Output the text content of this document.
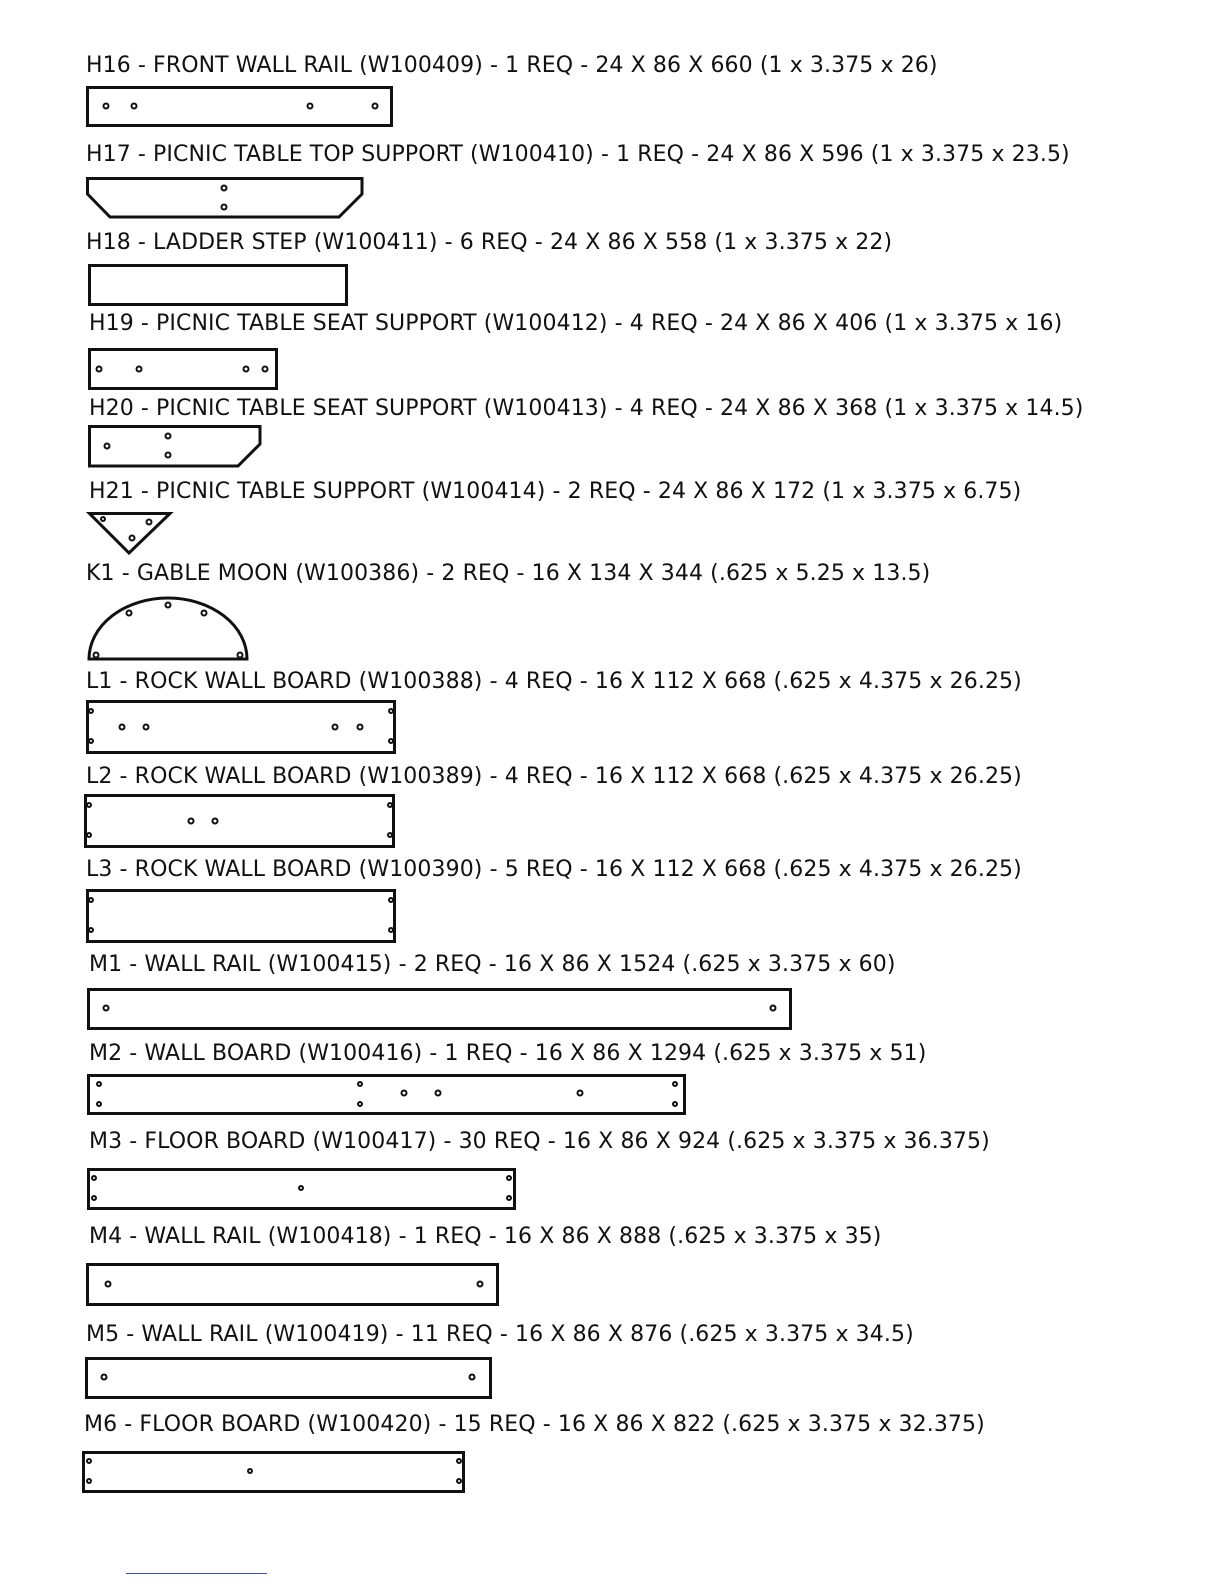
H16 - FRONT WALL RAIL (W100409) - 1 REQ - 24 X 86 X 660 (1 x 3.375 x 26)
H17 - PICNIC TABLE TOP SUPPORT (W100410) - 1 REQ - 24 X 86 X 596 (1 x 3.375 x 23.5)
H18 - LADDER STEP (W100411) - 6 REQ - 24 X 86 X 558 (1 x 3.375 x 22)
H19 - PICNIC TABLE SEAT SUPPORT (W100412) - 4 REQ - 24 X 86 X 406 (1 x 3.375 x 16)
H20 - PICNIC TABLE SEAT SUPPORT (W100413) - 4 REQ - 24 X 86 X 368 (1 x 3.375 x 14.5)
H21 - PICNIC TABLE SUPPORT (W100414) - 2 REQ - 24 X 86 X 172 (1 x 3.375 x 6.75)
K1 - GABLE MOON (W100386) - 2 REQ - 16 X 134 X 344 (.625 x 5.25 x 13.5)
L1 - ROCK WALL BOARD (W100388) - 4 REQ - 16 X 112 X 668 (.625 x 4.375 x 26.25)
L2 - ROCK WALL BOARD (W100389) - 4 REQ - 16 X 112 X 668 (.625 x 4.375 x 26.25)
L3 - ROCK WALL BOARD (W100390) - 5 REQ - 16 X 112 X 668 (.625 x 4.375 x 26.25)
M1 - WALL RAIL (W100415) - 2 REQ - 16 X 86 X 1524 (.625 x 3.375 x 60)
M2 - WALL BOARD (W100416) - 1 REQ - 16 X 86 X 1294 (.625 x 3.375 x 51)
M3 - FLOOR BOARD (W100417) - 30 REQ - 16 X 86 X 924 (.625 x 3.375 x 36.375)
M4 - WALL RAIL (W100418) - 1 REQ - 16 X 86 X 888 (.625 x 3.375 x 35)
M5 - WALL RAIL (W100419) - 11 REQ - 16 X 86 X 876 (.625 x 3.375 x 34.5)
M6 - FLOOR BOARD (W100420) - 15 REQ - 16 X 86 X 822 (.625 x 3.375 x 32.375)
